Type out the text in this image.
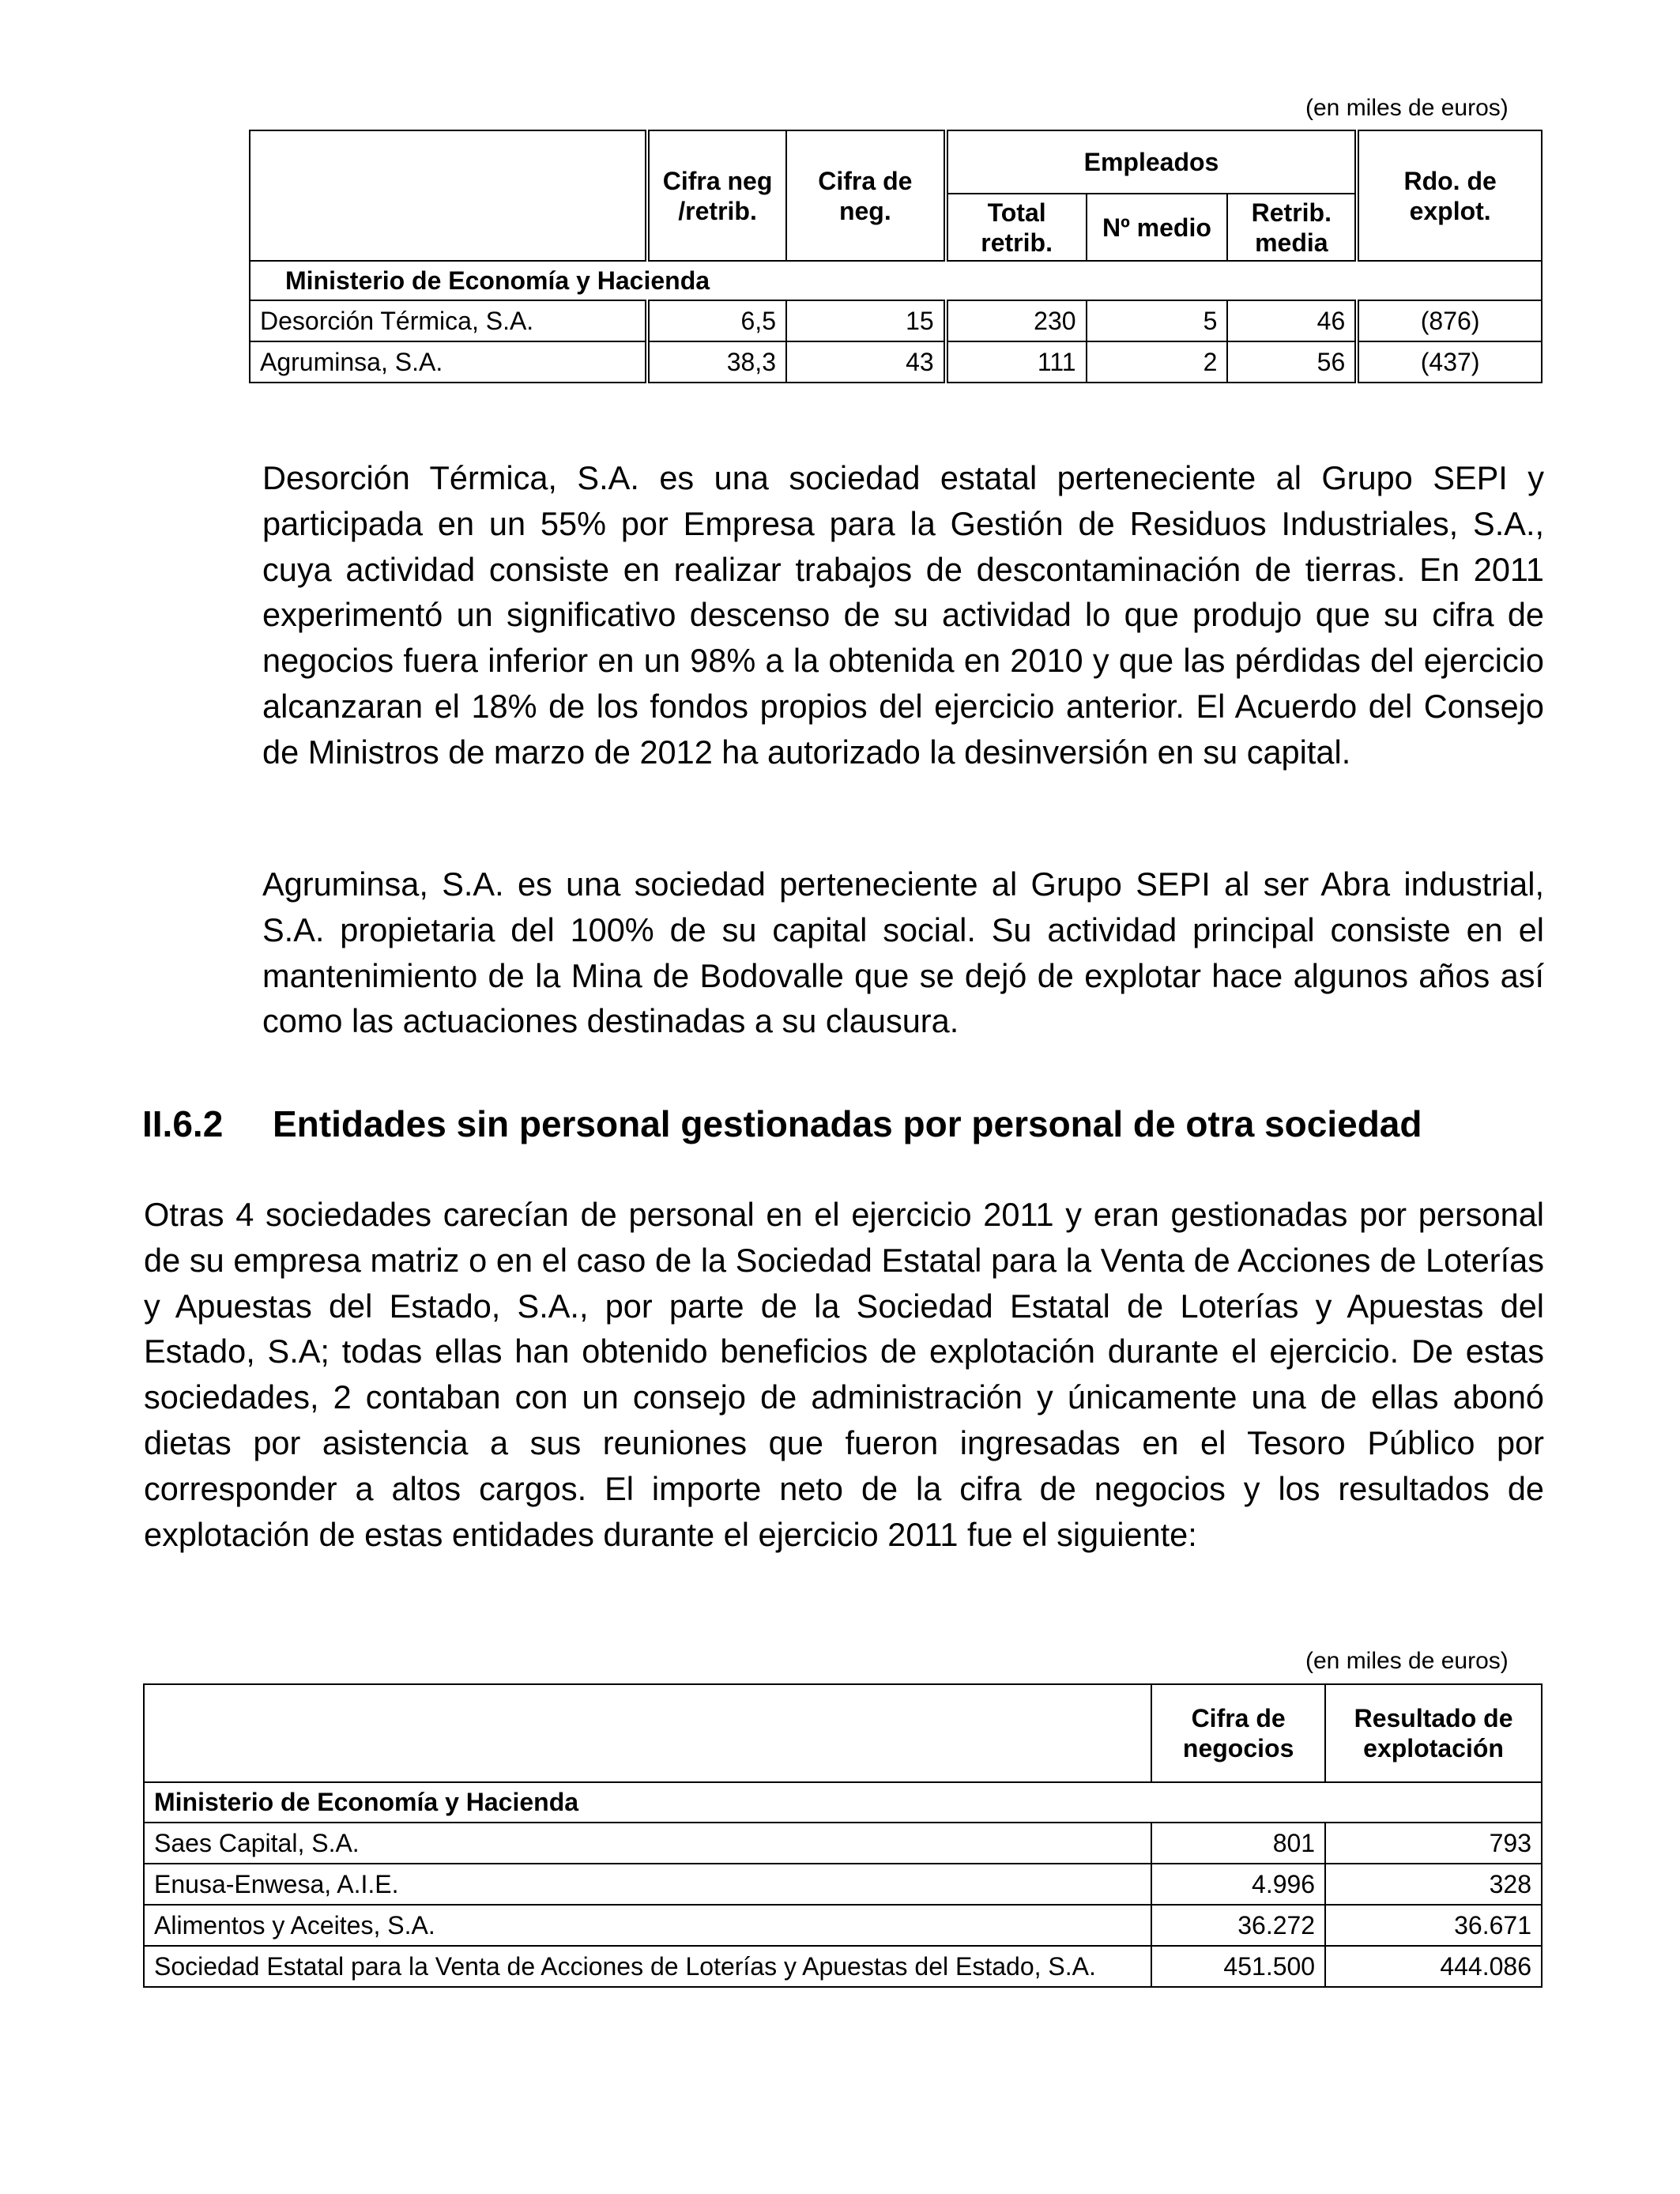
(en miles de euros)
	Cifra neg /retrib.	Cifra de neg.	Empleados			Rdo. de explot.
			Total retrib.	Nº medio	Retrib. media	
Ministerio de Economía y Hacienda						
Desorción Térmica, S.A.	6,5	15	230	5	46	(876)
Agruminsa, S.A.	38,3	43	111	2	56	(437)

Desorción Térmica, S.A. es una sociedad estatal perteneciente al Grupo SEPI y participada en un 55% por Empresa para la Gestión de Residuos Industriales, S.A., cuya actividad consiste en realizar trabajos de descontaminación de tierras. En 2011 experimentó un significativo descenso de su actividad lo que produjo que su cifra de negocios fuera inferior en un 98% a la obtenida en 2010 y que las pérdidas del ejercicio alcanzaran el 18% de los fondos propios del ejercicio anterior. El Acuerdo del Consejo de Ministros de marzo de 2012 ha autorizado la desinversión en su capital.

Agruminsa, S.A. es una sociedad perteneciente al Grupo SEPI al ser Abra industrial, S.A. propietaria del 100% de su capital social. Su actividad principal consiste en el mantenimiento de la Mina de Bodovalle que se dejó de explotar hace algunos años así como las actuaciones destinadas a su clausura.

II.6.2 Entidades sin personal gestionadas por personal de otra sociedad

Otras 4 sociedades carecían de personal en el ejercicio 2011 y eran gestionadas por personal de su empresa matriz o en el caso de la Sociedad Estatal para la Venta de Acciones de Loterías y Apuestas del Estado, S.A., por parte de la Sociedad Estatal de Loterías y Apuestas del Estado, S.A; todas ellas han obtenido beneficios de explotación durante el ejercicio. De estas sociedades, 2 contaban con un consejo de administración y únicamente una de ellas abonó dietas por asistencia a sus reuniones que fueron ingresadas en el Tesoro Público por corresponder a altos cargos. El importe neto de la cifra de negocios y los resultados de explotación de estas entidades durante el ejercicio 2011 fue el siguiente:

(en miles de euros)
	Cifra de negocios	Resultado de explotación
Ministerio de Economía y Hacienda		
Saes Capital, S.A.	801	793
Enusa-Enwesa, A.I.E.	4.996	328
Alimentos y Aceites, S.A.	36.272	36.671
Sociedad Estatal para la Venta de Acciones de Loterías y Apuestas del Estado, S.A.	451.500	444.086
